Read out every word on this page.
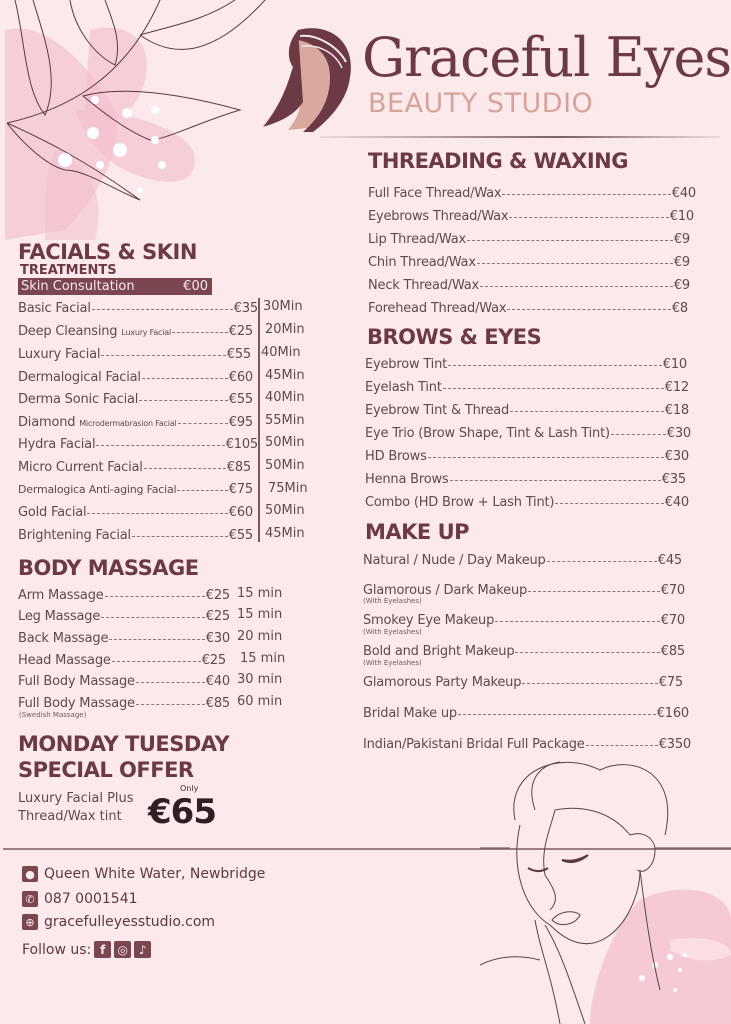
Graceful Eyes
BEAUTY STUDIO
FACIALS & SKIN
TREATMENTS
Skin Consultation	€00
Basic Facial	€35 30Min
Deep Cleansing Luxury Facial	€25 20Min
Luxury Facial	€55 40Min
Dermalogical Facial	€60 45Min
Derma Sonic Facial	€55 40Min
Diamond Microdermabrasion Facial	€95 55Min
Hydra Facial	€105 50Min
Micro Current Facial	€85 50Min
Dermalogica Anti-aging Facial	€75 75Min
Gold Facial	€60 50Min
Brightening Facial	€55 45Min
BODY MASSAGE
Arm Massage	€25 15 min
Leg Massage	€25 15 min
Back Massage	€30 20 min
Head Massage	€25 15 min
Full Body Massage	€40 30 min
Full Body Massage	€85 60 min
(Swedish Massage)
MONDAY TUESDAY
SPECIAL OFFER
Luxury Facial Plus
Thread/Wax tint
Only
€65
THREADING & WAXING
Full Face Thread/Wax	€40
Eyebrows Thread/Wax	€10
Lip Thread/Wax	€9
Chin Thread/Wax	€9
Neck Thread/Wax	€9
Forehead Thread/Wax	€8
BROWS & EYES
Eyebrow Tint	€10
Eyelash Tint	€12
Eyebrow Tint & Thread	€18
Eye Trio (Brow Shape, Tint & Lash Tint)	€30
HD Brows	€30
Henna Brows	€35
Combo (HD Brow + Lash Tint)	€40
MAKE UP
Natural / Nude / Day Makeup	€45
Glamorous / Dark Makeup	€70
(With Eyelashes)
Smokey Eye Makeup	€70
(With Eyelashes)
Bold and Bright Makeup	€85
(With Eyelashes)
Glamorous Party Makeup	€75
Bridal Make up	€160
Indian/Pakistani Bridal Full Package	€350
● Queen White Water, Newbridge
✆ 087 0001541
⊕ gracefulleyesstudio.com
Follow us: f	◎ ♪
